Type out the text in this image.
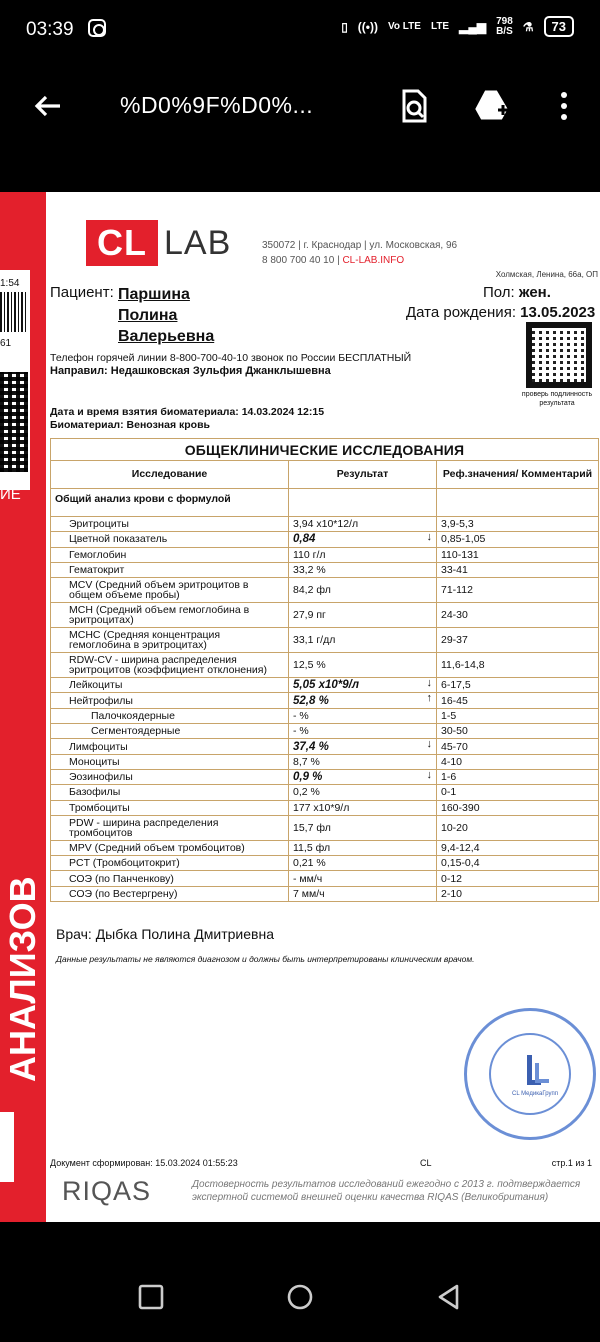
03:39	▯ ((•)) Vo LTE LTE ▂▄▆ 798
B/S ⚗	73
%D0%9F%D0%...
1:54
61
ИЕ
АНАЛИЗОВ
CL LAB	350072 | г. Краснодар | ул. Московская, 96
8 800 700 40 10 | CL-LAB.INFO
Холмская, Ленина, 66а, ОП
Пациент: Паршина
Полина
Валерьевна
Пол: жен.
Дата рождения: 13.05.2023
проверь подлинность результата
Телефон горячей линии 8-800-700-40-10 звонок по России БЕСПЛАТНЫЙ
Направил: Недашковская Зульфия Джанклышевна
Дата и время взятия биоматериала: 14.03.2024 12:15
Биоматериал: Венозная кровь
ОБЩЕКЛИНИЧЕСКИЕ ИССЛЕДОВАНИЯ		
Исследование	Результат	Реф.значения/ Комментарий
Общий анализ крови с формулой		
Эритроциты	3,94 x10*12/л	3,9-5,3
Цветной показатель	0,84 ↓	0,85-1,05
Гемоглобин	110 г/л	110-131
Гематокрит	33,2 %	33-41
MCV (Средний объем эритроцитов в общем объеме пробы)	84,2 фл	71-112
MCH (Средний объем гемоглобина в эритроцитах)	27,9 пг	24-30
MCHC (Средняя концентрация гемоглобина в эритроцитах)	33,1 г/дл	29-37
RDW-CV - ширина распределения эритроцитов (коэффициент отклонения)	12,5 %	11,6-14,8
Лейкоциты	5,05 x10*9/л ↓	6-17,5
Нейтрофилы	52,8 % ↑	16-45
Палочкоядерные	- %	1-5
Сегментоядерные	- %	30-50
Лимфоциты	37,4 % ↓	45-70
Моноциты	8,7 %	4-10
Эозинофилы	0,9 % ↓	1-6
Базофилы	0,2 %	0-1
Тромбоциты	177 x10*9/л	160-390
PDW - ширина распределения тромбоцитов	15,7 фл	10-20
MPV (Средний объем тромбоцитов)	11,5 фл	9,4-12,4
PCT (Тромбоцитокрит)	0,21 %	0,15-0,4
СОЭ (по Панченкову)	- мм/ч	0-12
СОЭ (по Вестергрену)	7 мм/ч	2-10
Врач: Дыбка Полина Дмитриевна
Данные результаты не являются диагнозом и должны быть интерпретированы клиническим врачом.
CL МедикаГрупп
Документ сформирован: 15.03.2024 01:55:23	CL	стр.1 из 1
RIQAS	Достоверность результатов исследований ежегодно с 2013 г. подтверждается экспертной системой внешней оценки качества RIQAS (Великобритания)
